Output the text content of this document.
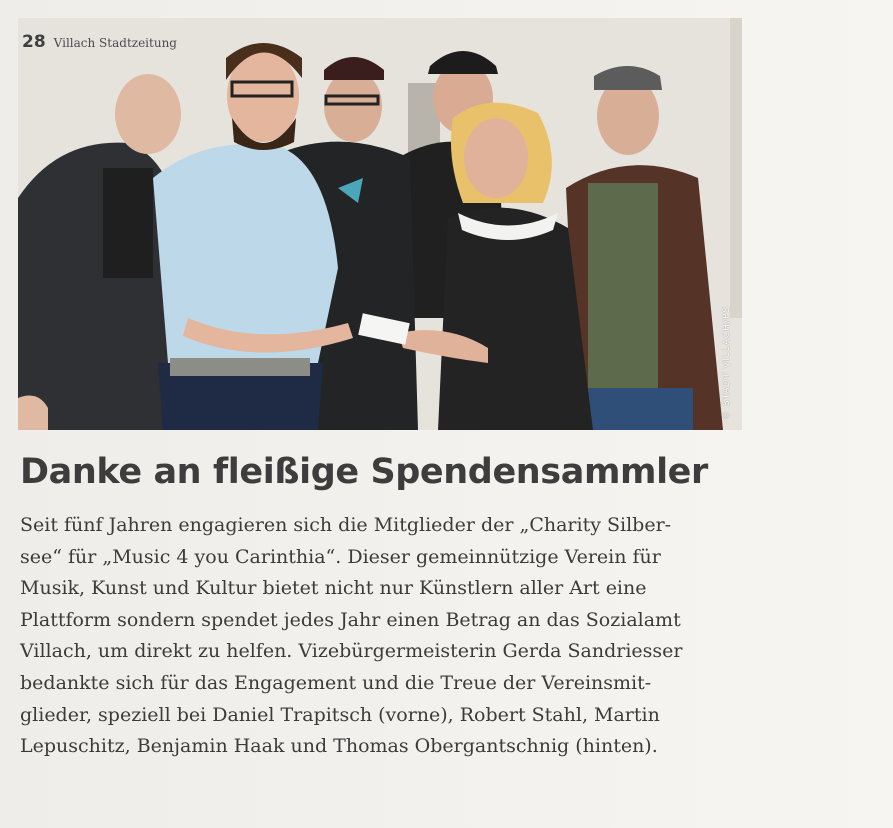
28 Villach Stadtzeitung
© STADT VILLACH/PS
Danke an fleißige Spendensammler

Seit fünf Jahren engagieren sich die Mitglieder der „Charity Silber-
see“ für „Music 4 you Carinthia“. Dieser gemeinnützige Verein für
Musik, Kunst und Kultur bietet nicht nur Künstlern aller Art eine
Plattform sondern spendet jedes Jahr einen Betrag an das Sozialamt
Villach, um direkt zu helfen. Vizebürgermeisterin Gerda Sandriesser
bedankte sich für das Engagement und die Treue der Vereinsmit-
glieder, speziell bei Daniel Trapitsch (vorne), Robert Stahl, Martin
Lepuschitz, Benjamin Haak und Thomas Obergantschnig (hinten).
